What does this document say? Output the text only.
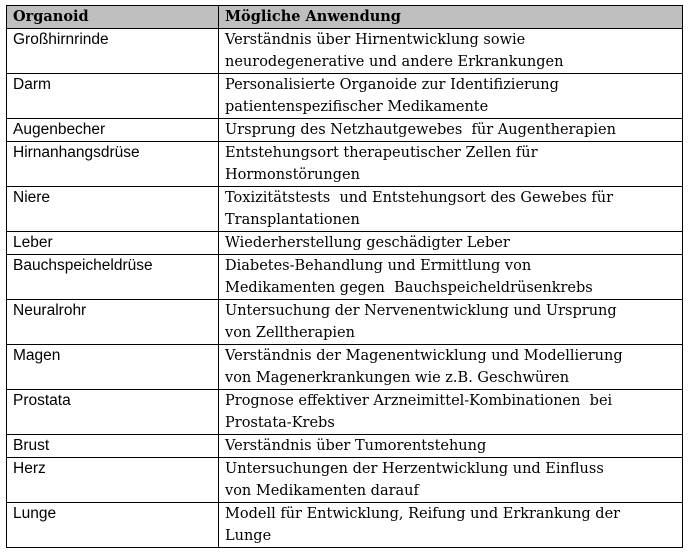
Organoid	Mögliche Anwendung
Großhirnrinde	Verständnis über Hirnentwicklung sowie
neurodegenerative und andere Erkrankungen

Darm	Personalisierte Organoide zur Identifizierung
patientenspezifischer Medikamente

Augenbecher	Ursprung des Netzhautgewebes  für Augentherapien

Hirnanhangsdrüse	Entstehungsort therapeutischer Zellen für
Hormonstörungen

Niere	Toxizitätstests  und Entstehungsort des Gewebes für
Transplantationen

Leber	Wiederherstellung geschädigter Leber

Bauchspeicheldrüse	Diabetes-Behandlung und Ermittlung von
Medikamenten gegen  Bauchspeicheldrüsenkrebs

Neuralrohr	Untersuchung der Nervenentwicklung und Ursprung
von Zelltherapien

Magen	Verständnis der Magenentwicklung und Modellierung
von Magenerkrankungen wie z.B. Geschwüren

Prostata	Prognose effektiver Arzneimittel-Kombinationen  bei
Prostata-Krebs

Brust	Verständnis über Tumorentstehung

Herz	Untersuchungen der Herzentwicklung und Einfluss
von Medikamenten darauf

Lunge	Modell für Entwicklung, Reifung und Erkrankung der
Lunge
